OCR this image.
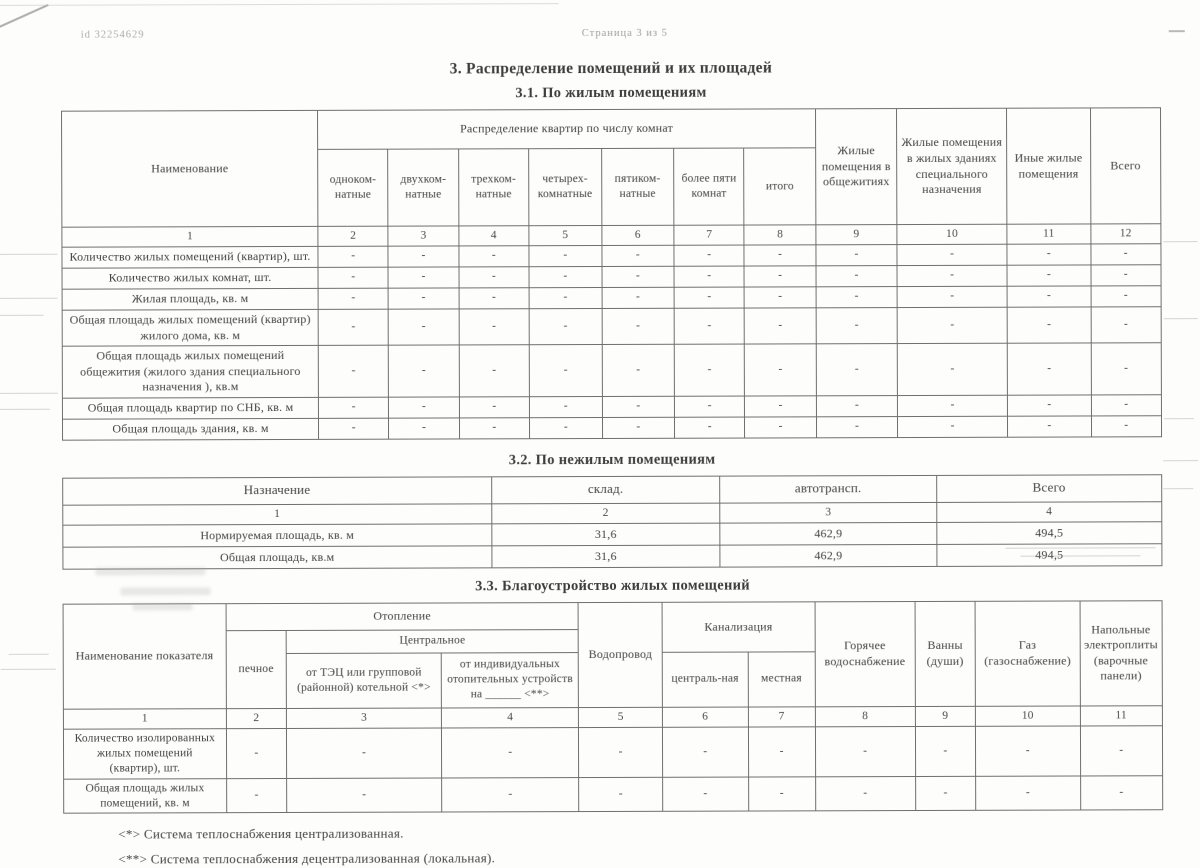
id 32254629	Страница 3 из 5
3. Распределение помещений и их площадей
3.1. По жилым помещениям
Наименование	Распределение квартир по числу комнат							Жилые помещения в общежитиях	Жилые помещения в жилых зданиях специального назначения	Иные жилые помещения	Всего
	одноком-натные	двухком-натные	трехком-натные	четырех-комнатные	пятиком-натные	более пяти комнат	итого				
1	2	3	4	5	6	7	8	9	10	11	12
Количество жилых помещений (квартир), шт.	-	-	-	-	-	-	-	-	-	-	-
Количество жилых комнат, шт.	-	-	-	-	-	-	-	-	-	-	-
Жилая площадь, кв. м	-	-	-	-	-	-	-	-	-	-	-
Общая площадь жилых помещений (квартир) жилого дома, кв. м	-	-	-	-	-	-	-	-	-	-	-
Общая площадь жилых помещений общежития (жилого здания специального назначения ), кв.м	-	-	-	-	-	-	-	-	-	-	-
Общая площадь квартир по СНБ, кв. м	-	-	-	-	-	-	-	-	-	-	-
Общая площадь здания, кв. м	-	-	-	-	-	-	-	-	-	-	-
3.2. По нежилым помещениям
Назначение	склад.	автотрансп.	Всего
1	2	3	4
Нормируемая площадь, кв. м	31,6	462,9	494,5
Общая площадь, кв.м	31,6	462,9	494,5
3.3. Благоустройство жилых помещений
Наименование показателя	Отопление			Водопровод	Канализация		Горячее водоснабжение	Ванны (души)	Газ (газоснабжение)	Напольные электроплиты (варочные панели)
	печное	Центральное								
		от ТЭЦ или групповой (районной) котельной <*>	от индивидуальных отопительных устройств на ______ <**>		централь-ная	местная				
1	2	3	4	5	6	7	8	9	10	11
Количество изолированных жилых помещений (квартир), шт.	-	-	-	-	-	-	-	-	-	-
Общая площадь жилых помещений, кв. м	-	-	-	-	-	-	-	-	-	-
<*> Система теплоснабжения централизованная.
<**> Система теплоснабжения децентрализованная (локальная).
